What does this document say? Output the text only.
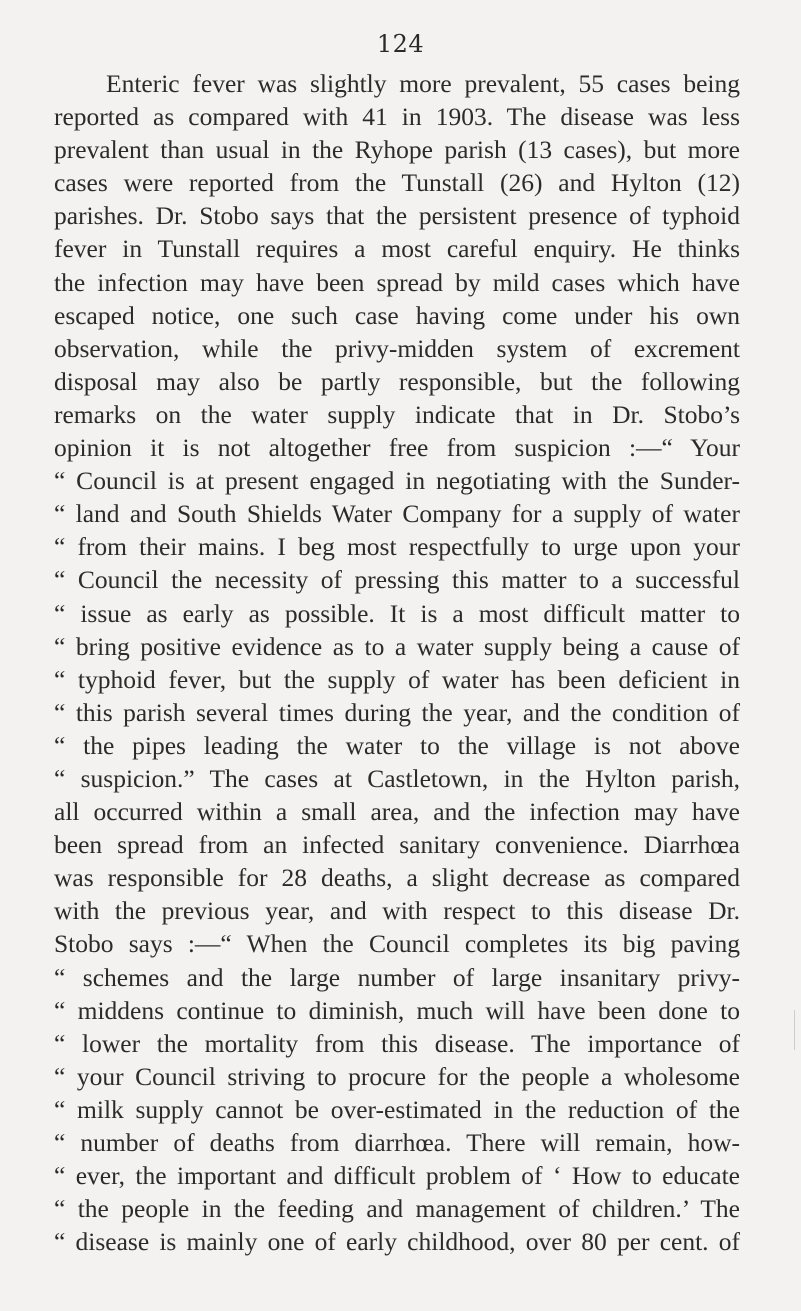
124
Enteric fever was slightly more prevalent, 55 cases being
reported as compared with 41 in 1903. The disease was less
prevalent than usual in the Ryhope parish (13 cases), but more
cases were reported from the Tunstall (26) and Hylton (12)
parishes. Dr. Stobo says that the persistent presence of typhoid
fever in Tunstall requires a most careful enquiry. He thinks
the infection may have been spread by mild cases which have
escaped notice, one such case having come under his own
observation, while the privy-midden system of excrement
disposal may also be partly responsible, but the following
remarks on the water supply indicate that in Dr. Stobo’s
opinion it is not altogether free from suspicion :—“ Your
“ Council is at present engaged in negotiating with the Sunder-
“ land and South Shields Water Company for a supply of water
“ from their mains. I beg most respectfully to urge upon your
“ Council the necessity of pressing this matter to a successful
“ issue as early as possible. It is a most difficult matter to
“ bring positive evidence as to a water supply being a cause of
“ typhoid fever, but the supply of water has been deficient in
“ this parish several times during the year, and the condition of
“ the pipes leading the water to the village is not above
“ suspicion.” The cases at Castletown, in the Hylton parish,
all occurred within a small area, and the infection may have
been spread from an infected sanitary convenience. Diarrhœa
was responsible for 28 deaths, a slight decrease as compared
with the previous year, and with respect to this disease Dr.
Stobo says :—“ When the Council completes its big paving
“ schemes and the large number of large insanitary privy-
“ middens continue to diminish, much will have been done to
“ lower the mortality from this disease. The importance of
“ your Council striving to procure for the people a wholesome
“ milk supply cannot be over-estimated in the reduction of the
“ number of deaths from diarrhœa. There will remain, how-
“ ever, the important and difficult problem of ‘ How to educate
“ the people in the feeding and management of children.’ The
“ disease is mainly one of early childhood, over 80 per cent. of
